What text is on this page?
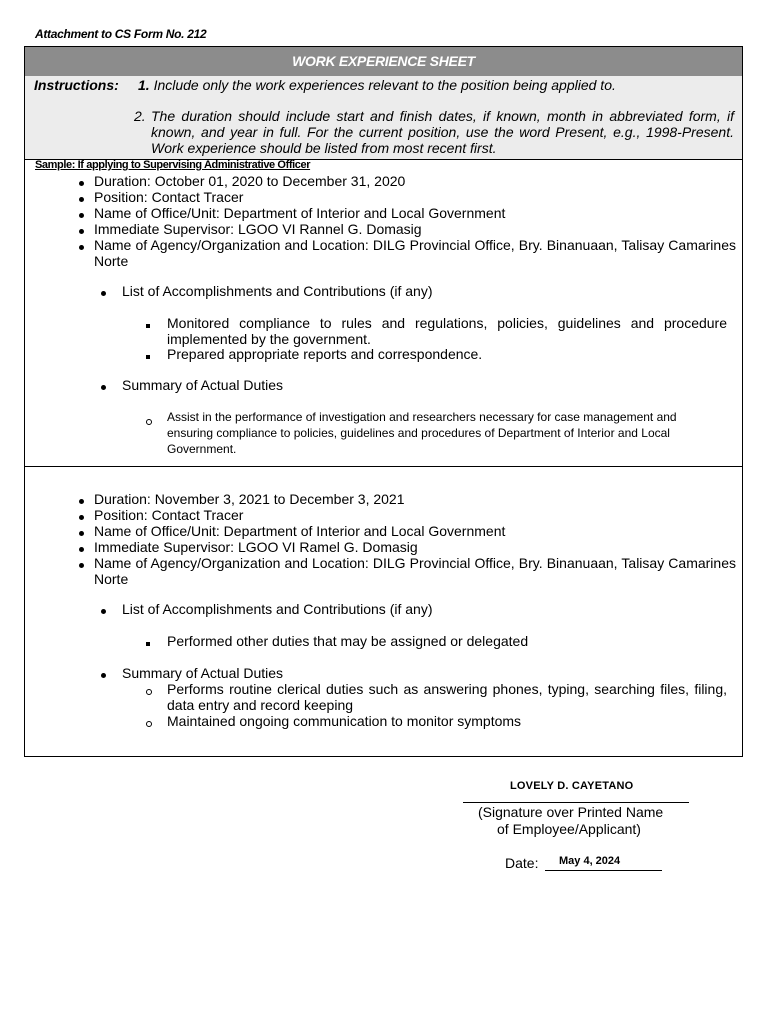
Attachment to CS Form No. 212
WORK EXPERIENCE SHEET
Instructions: 1. Include only the work experiences relevant to the position being applied to.
2. The duration should include start and finish dates, if known, month in abbreviated form, if known, and year in full. For the current position, use the word Present, e.g., 1998-Present. Work experience should be listed from most recent first.
Sample: If applying to Supervising Administrative Officer
Duration: October 01, 2020 to December 31, 2020
Position: Contact Tracer
Name of Office/Unit: Department of Interior and Local Government
Immediate Supervisor: LGOO VI Rannel G. Domasig
Name of Agency/Organization and Location: DILG Provincial Office, Bry. Binanuaan, Talisay Camarines Norte
List of Accomplishments and Contributions (if any)
Monitored compliance to rules and regulations, policies, guidelines and procedure implemented by the government.
Prepared appropriate reports and correspondence.
Summary of Actual Duties
Assist in the performance of investigation and researchers necessary for case management and ensuring compliance to policies, guidelines and procedures of Department of Interior and Local Government.
Duration: November 3, 2021 to December 3, 2021
Position: Contact Tracer
Name of Office/Unit: Department of Interior and Local Government
Immediate Supervisor: LGOO VI Ramel G. Domasig
Name of Agency/Organization and Location: DILG Provincial Office, Bry. Binanuaan, Talisay Camarines Norte
List of Accomplishments and Contributions (if any)
Performed other duties that may be assigned or delegated
Summary of Actual Duties
Performs routine clerical duties such as answering phones, typing, searching files, filing, data entry and record keeping
Maintained ongoing communication to monitor symptoms
LOVELY D. CAYETANO
(Signature over Printed Name
of Employee/Applicant)
Date: May 4, 2024
